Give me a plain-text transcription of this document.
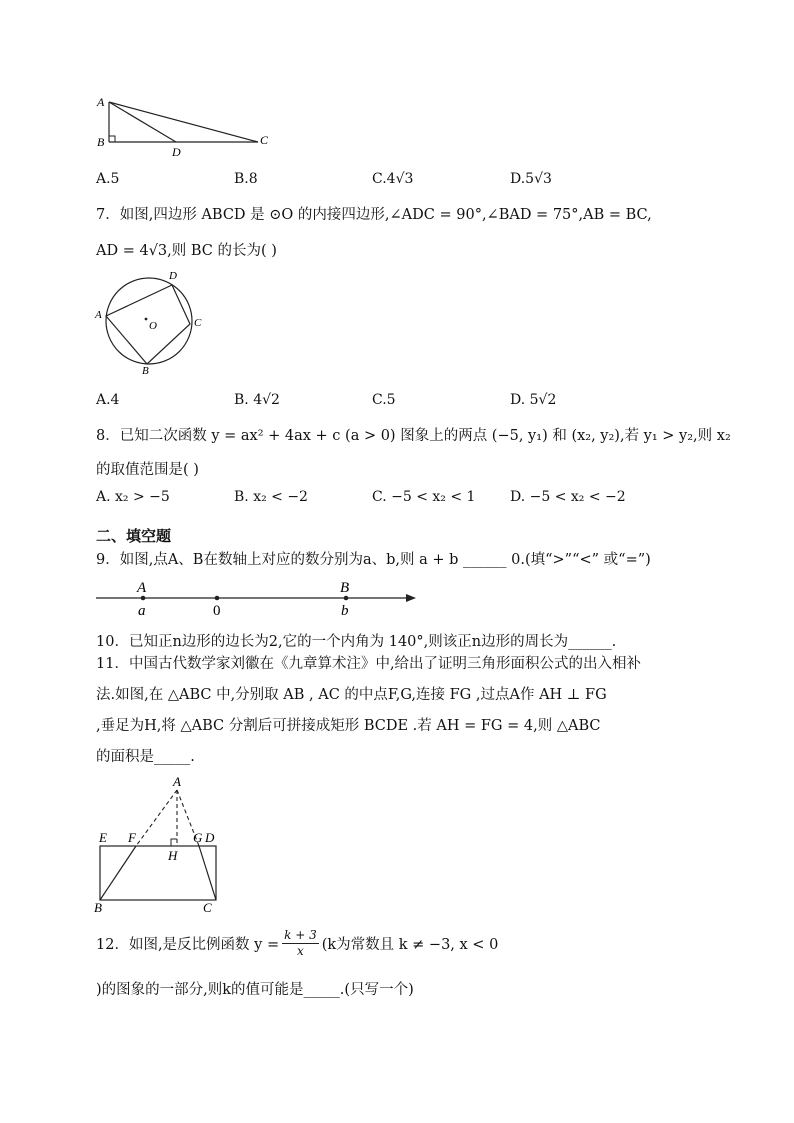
A
B
D
C
A.5	B.8	C.4√3	D.5√3
7．如图,四边形 ABCD 是 ⊙O 的内接四边形,∠ADC = 90°,∠BAD = 75°,AB = BC,
AD = 4√3,则 BC 的长为( )
A
D
C
B
O
A.4	B. 4√2	C.5	D. 5√2
8．已知二次函数 y = ax² + 4ax + c (a > 0) 图象上的两点 (−5, y₁) 和 (x₂, y₂),若 y₁ > y₂,则 x₂
的取值范围是( )
A. x₂ > −5	B. x₂ < −2	C. −5 < x₂ < 1 D. −5 < x₂ < −2
二、填空题
9．如图,点A、B在数轴上对应的数分别为a、b,则 a + b ______ 0.(填“>”“<” 或“=”)
A
a	0
B
b
10．已知正n边形的边长为2,它的一个内角为 140°,则该正n边形的周长为______.
11．中国古代数学家刘徽在《九章算术注》中,给出了证明三角形面积公式的出入相补
法.如图,在 △ABC 中,分别取 AB , AC 的中点F,G,连接 FG ,过点A作 AH ⊥ FG
,垂足为H,将 △ABC 分割后可拼接成矩形 BCDE .若 AH = FG = 4,则 △ABC
的面积是_____.
A
E F	G D
H
B	C
12．如图,是反比例函数 $y = \frac{k + 3}{x} (k$为常数且 k ≠ −3, x < 0
)的图象的一部分,则k的值可能是_____.(只写一个)
